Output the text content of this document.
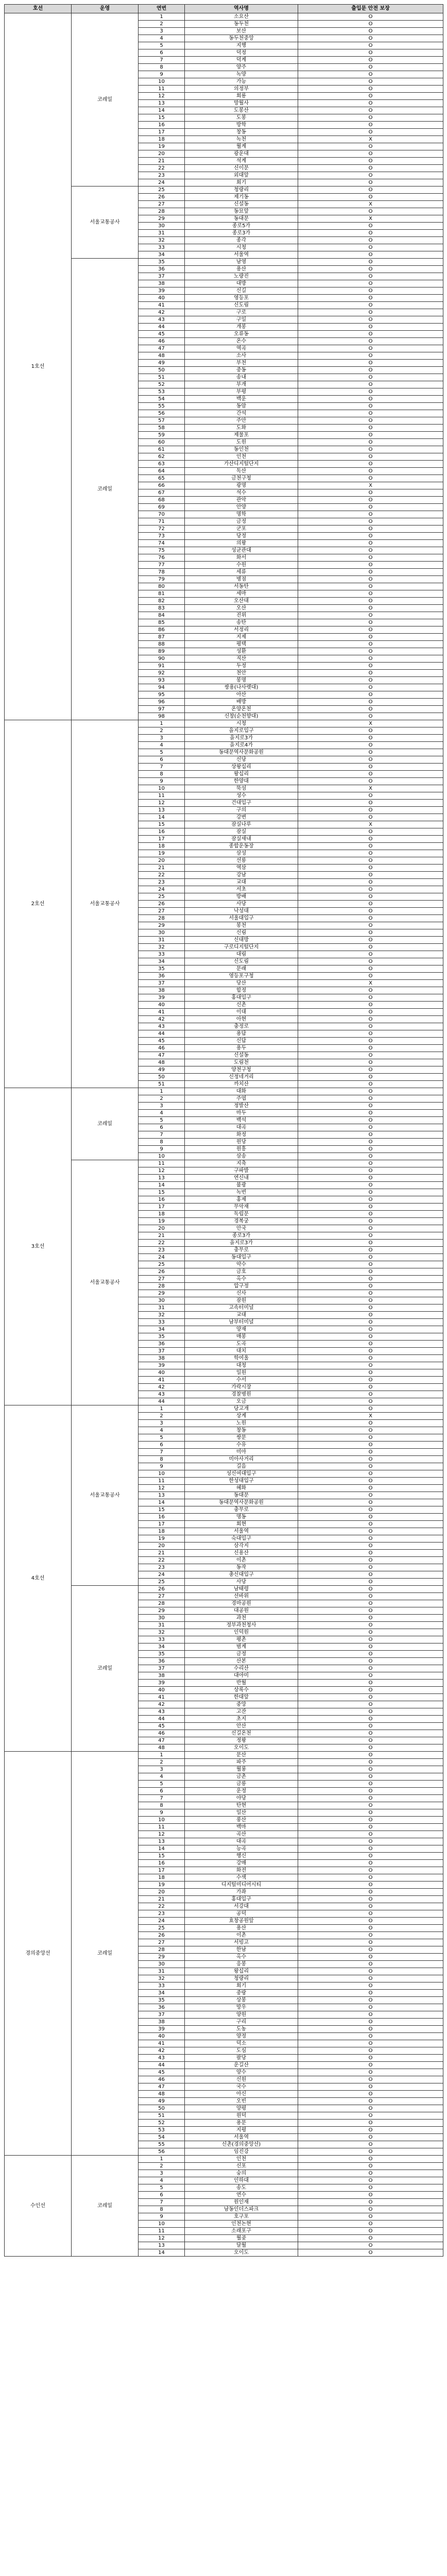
호선	운영	연번	역사명	출입문 안전 보장
1호선	코레일	1	소요산	O
		2	동두천	O
		3	보산	O
		4	동두천중앙	O
		5	지행	O
		6	덕정	O
		7	덕계	O
		8	양주	O
		9	녹양	O
		10	가능	O
		11	의정부	O
		12	회룡	O
		13	망월사	O
		14	도봉산	O
		15	도봉	O
		16	방학	O
		17	창동	O
		18	녹천	X
		19	월계	O
		20	광운대	O
		21	석계	O
		22	신이문	O
		23	외대앞	O
		24	회기	O
	서울교통공사	25	청량리	O
		26	제기동	O
		27	신설동	X
		28	동묘앞	O
		29	동대문	X
		30	종로5가	O
		31	종로3가	O
		32	종각	O
		33	시청	O
		34	서울역	O
	코레일	35	남영	O
		36	용산	O
		37	노량진	O
		38	대방	O
		39	신길	O
		40	영등포	O
		41	신도림	O
		42	구로	O
		43	구일	O
		44	개봉	O
		45	오류동	O
		46	온수	O
		47	역곡	O
		48	소사	O
		49	부천	O
		50	중동	O
		51	송내	O
		52	부개	O
		53	부평	O
		54	백운	O
		55	동암	O
		56	간석	O
		57	주안	O
		58	도화	O
		59	제물포	O
		60	도원	O
		61	동인천	O
		62	인천	O
		63	가산디지털단지	O
		64	독산	O
		65	금천구청	O
		66	광명	X
		67	석수	O
		68	관악	O
		69	안양	O
		70	명학	O
		71	금정	O
		72	군포	O
		73	당정	O
		74	의왕	O
		75	성균관대	O
		76	화서	O
		77	수원	O
		78	세류	O
		79	병점	O
		80	서동탄	O
		81	세마	O
		82	오산대	O
		83	오산	O
		84	진위	O
		85	송탄	O
		86	서정리	O
		87	지제	O
		88	평택	O
		89	성환	O
		90	직산	O
		91	두정	O
		92	천안	O
		93	봉명	O
		94	쌍용(나사렛대)	O
		95	아산	O
		96	배방	O
		97	온양온천	O
		98	신창(순천향대)	O
2호선	서울교통공사	1	시청	X
		2	을지로입구	O
		3	을지로3가	O
		4	을지로4가	O
		5	동대문역사문화공원	O
		6	신당	O
		7	상왕십리	O
		8	왕십리	O
		9	한양대	O
		10	뚝섬	X
		11	성수	O
		12	건대입구	O
		13	구의	O
		14	강변	O
		15	잠실나루	X
		16	잠실	O
		17	잠실새내	O
		18	종합운동장	O
		19	삼성	O
		20	선릉	O
		21	역삼	O
		22	강남	O
		23	교대	O
		24	서초	O
		25	방배	O
		26	사당	O
		27	낙성대	O
		28	서울대입구	O
		29	봉천	O
		30	신림	O
		31	신대방	O
		32	구로디지털단지	O
		33	대림	O
		34	신도림	O
		35	문래	O
		36	영등포구청	O
		37	당산	X
		38	합정	O
		39	홍대입구	O
		40	신촌	O
		41	이대	O
		42	아현	O
		43	충정로	O
		44	용답	O
		45	신답	O
		46	용두	O
		47	신설동	O
		48	도림천	O
		49	양천구청	O
		50	신정네거리	O
		51	까치산	O
3호선	코레일	1	대화	O
		2	주엽	O
		3	정발산	O
		4	마두	O
		5	백석	O
		6	대곡	O
		7	화정	O
		8	원당	O
		9	원흥	O
		10	삼송	O
	서울교통공사	11	지축	O
		12	구파발	O
		13	연신내	O
		14	불광	O
		15	녹번	O
		16	홍제	O
		17	무악재	O
		18	독립문	O
		19	경복궁	O
		20	안국	O
		21	종로3가	O
		22	을지로3가	O
		23	충무로	O
		24	동대입구	O
		25	약수	O
		26	금호	O
		27	옥수	O
		28	압구정	O
		29	신사	O
		30	잠원	O
		31	고속터미널	O
		32	교대	O
		33	남부터미널	O
		34	양재	O
		35	매봉	O
		36	도곡	O
		37	대치	O
		38	학여울	O
		39	대청	O
		40	일원	O
		41	수서	O
		42	가락시장	O
		43	경찰병원	O
		44	오금	O
4호선	서울교통공사	1	당고개	O
		2	상계	X
		3	노원	O
		4	창동	O
		5	쌍문	O
		6	수유	O
		7	미아	O
		8	미아사거리	O
		9	길음	O
		10	성신여대입구	O
		11	한성대입구	O
		12	혜화	O
		13	동대문	O
		14	동대문역사문화공원	O
		15	충무로	O
		16	명동	O
		17	회현	O
		18	서울역	O
		19	숙대입구	O
		20	삼각지	O
		21	신용산	O
		22	이촌	O
		23	동작	O
		24	총신대입구	O
		25	사당	O
	코레일	26	남태령	O
		27	선바위	O
		28	경마공원	O
		29	대공원	O
		30	과천	O
		31	정부과천청사	O
		32	인덕원	O
		33	평촌	O
		34	범계	O
		35	금정	O
		36	산본	O
		37	수리산	O
		38	대야미	O
		39	반월	O
		40	상록수	O
		41	한대앞	O
		42	중앙	O
		43	고잔	O
		44	초지	O
		45	안산	O
		46	신길온천	O
		47	정왕	O
		48	오이도	O
경의중앙선	코레일	1	문산	O
		2	파주	O
		3	월롱	O
		4	금촌	O
		5	금릉	O
		6	운정	O
		7	야당	O
		8	탄현	O
		9	일산	O
		10	풍산	O
		11	백마	O
		12	곡산	O
		13	대곡	O
		14	능곡	O
		15	행신	O
		16	강매	O
		17	화전	O
		18	수색	O
		19	디지털미디어시티	O
		20	가좌	O
		21	홍대입구	O
		22	서강대	O
		23	공덕	O
		24	효창공원앞	O
		25	용산	O
		26	이촌	O
		27	서빙고	O
		28	한남	O
		29	옥수	O
		30	응봉	O
		31	왕십리	O
		32	청량리	O
		33	회기	O
		34	중랑	O
		35	상봉	O
		36	망우	O
		37	양원	O
		38	구리	O
		39	도농	O
		40	양정	O
		41	덕소	O
		42	도심	O
		43	팔당	O
		44	운길산	O
		45	양수	O
		46	신원	O
		47	국수	O
		48	아신	O
		49	오빈	O
		50	양평	O
		51	원덕	O
		52	용문	O
		53	지평	O
		54	서울역	O
		55	신촌(경의중앙선)	O
		56	임진강	O
수인선	코레일	1	인천	O
		2	신포	O
		3	숭의	O
		4	인하대	O
		5	송도	O
		6	연수	O
		7	원인재	O
		8	남동인더스파크	O
		9	호구포	O
		10	인천논현	O
		11	소래포구	O
		12	월곶	O
		13	달월	O
		14	오이도	O
